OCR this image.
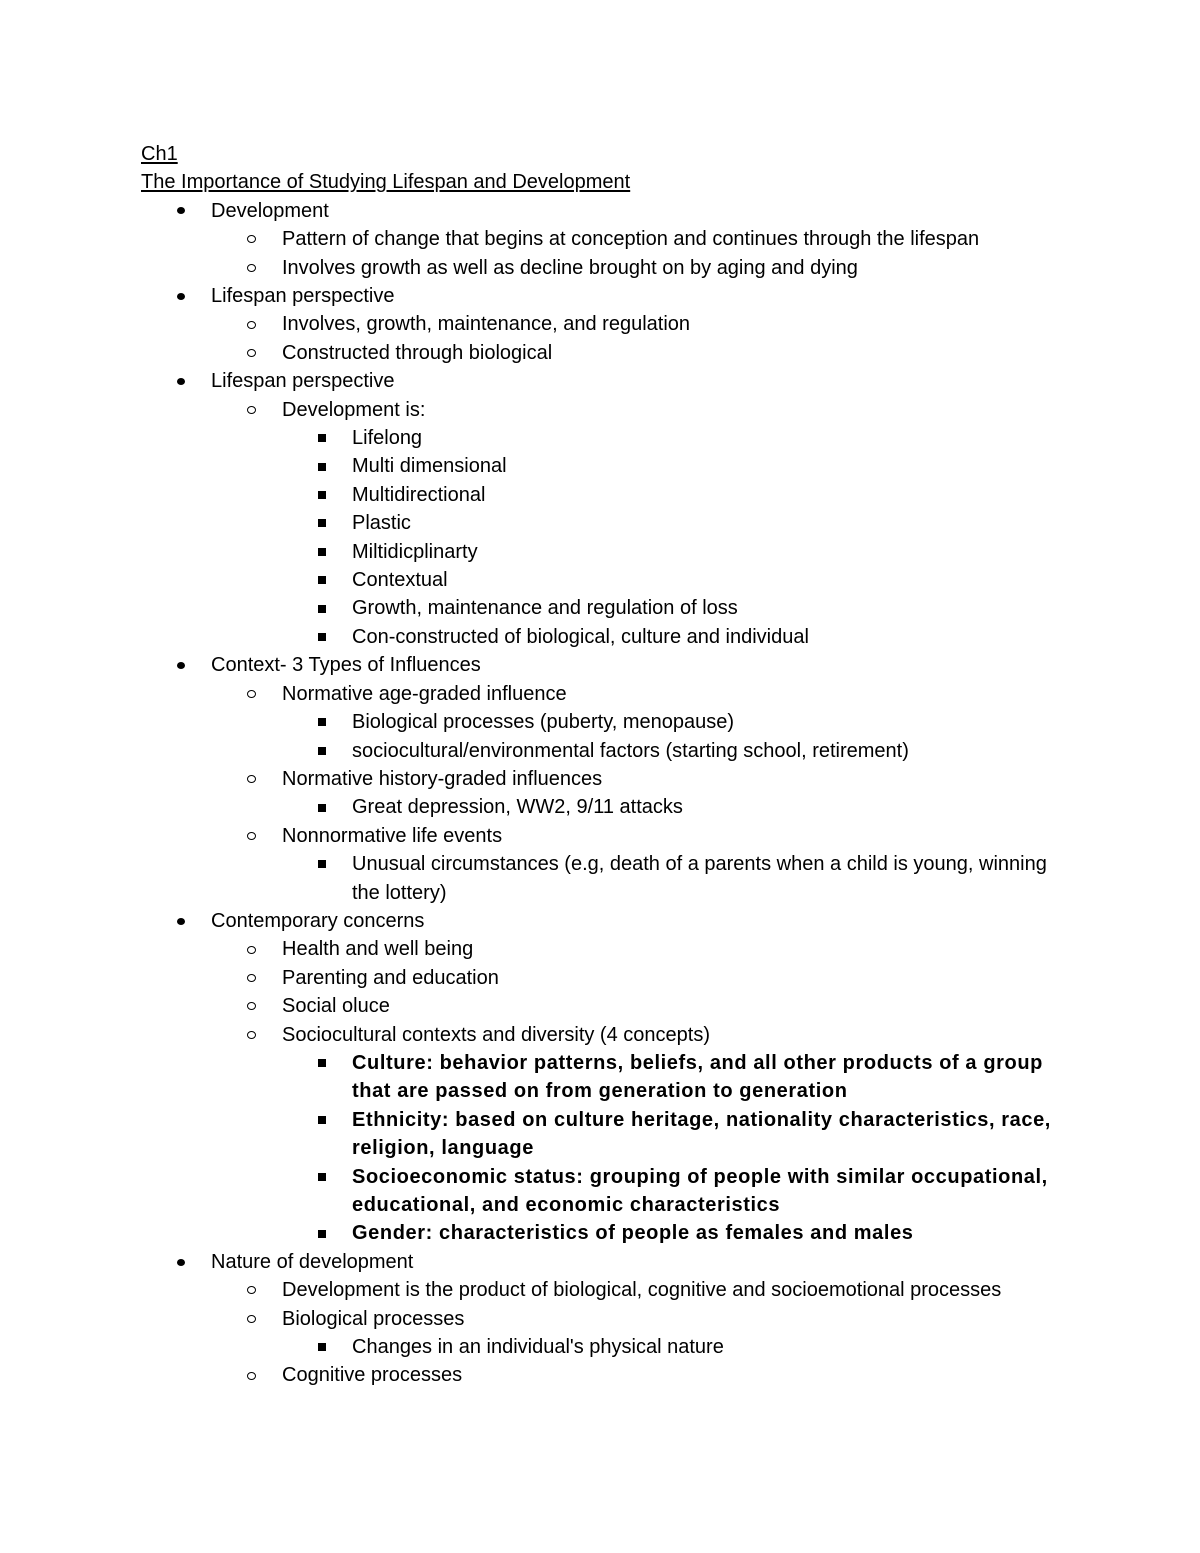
Ch1
The Importance of Studying Lifespan and Development
Development
Pattern of change that begins at conception and continues through the lifespan
Involves growth as well as decline brought on by aging and dying
Lifespan perspective
Involves, growth, maintenance, and regulation
Constructed through biological
Lifespan perspective
Development is:
Lifelong
Multi dimensional
Multidirectional
Plastic
Miltidicplinarty
Contextual
Growth, maintenance and regulation of loss
Con-constructed of biological, culture and individual
Context- 3 Types of Influences
Normative age-graded influence
Biological processes (puberty, menopause)
sociocultural/environmental factors (starting school, retirement)
Normative history-graded influences
Great depression, WW2, 9/11 attacks
Nonnormative life events
Unusual circumstances (e.g, death of a parents when a child is young, winning the lottery)
Contemporary concerns
Health and well being
Parenting and education
Social oluce
Sociocultural contexts and diversity (4 concepts)
Culture: behavior patterns, beliefs, and all other products of a group that are passed on from generation to generation
Ethnicity: based on culture heritage, nationality characteristics, race, religion, language
Socioeconomic status: grouping of people with similar occupational, educational, and economic characteristics
Gender: characteristics of people as females and males
Nature of development
Development is the product of biological, cognitive and socioemotional processes
Biological processes
Changes in an individual's physical nature
Cognitive processes
